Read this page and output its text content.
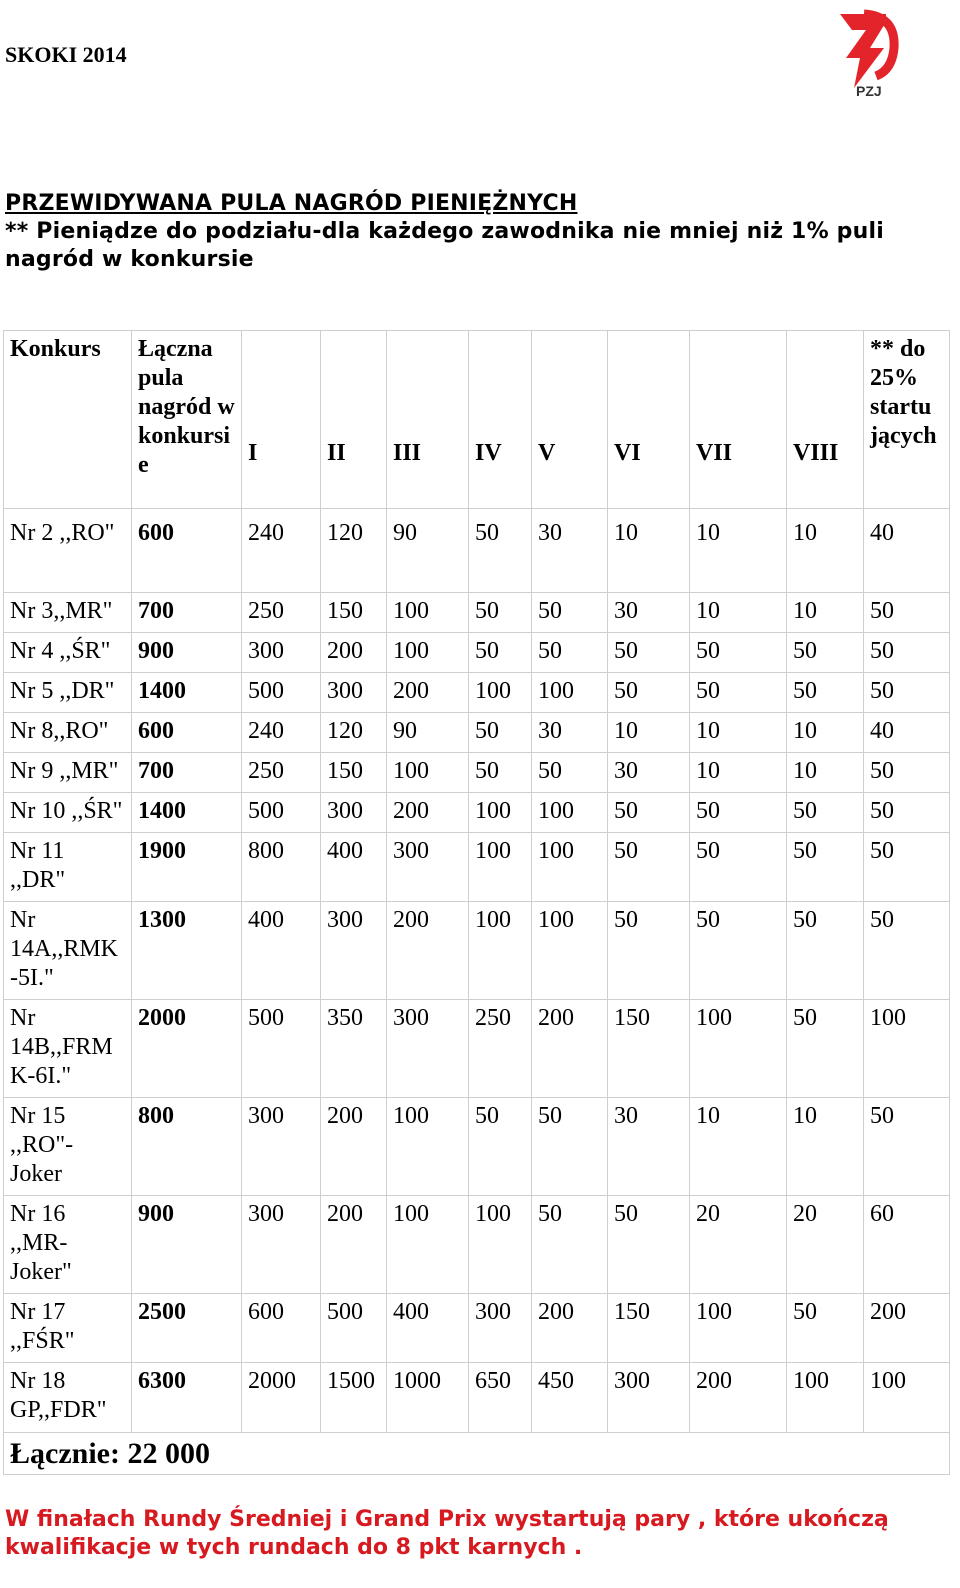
SKOKI 2014
PZJ
PRZEWIDYWANA PULA NAGRÓD PIENIĘŻNYCH
** Pieniądze do podziału-dla każdego zawodnika nie mniej niż 1% puli nagród w konkursie
Konkurs	Łączna pula nagród w konkursi e	I	II	III	IV	V	VI	VII	VIII	** do 25% startu jących
Nr 2 ,,RO"	600	240	120	90	50	30	10	10	10	40
Nr 3,,MR"	700	250	150	100	50	50	30	10	10	50
Nr 4 ,,ŚR"	900	300	200	100	50	50	50	50	50	50
Nr 5 ,,DR"	1400	500	300	200	100	100	50	50	50	50
Nr 8,,RO"	600	240	120	90	50	30	10	10	10	40
Nr 9 ,,MR"	700	250	150	100	50	50	30	10	10	50
Nr 10 ,,ŚR"	1400	500	300	200	100	100	50	50	50	50
Nr 11 ,,DR"	1900	800	400	300	100	100	50	50	50	50
Nr 14A,,RMK -5I."	1300	400	300	200	100	100	50	50	50	50
Nr 14B,,FRM K-6I."	2000	500	350	300	250	200	150	100	50	100
Nr 15 ,,RO"- Joker	800	300	200	100	50	50	30	10	10	50
Nr 16 ,,MR- Joker"	900	300	200	100	100	50	50	20	20	60
Nr 17 ,,FŚR"	2500	600	500	400	300	200	150	100	50	200
Nr 18 GP,,FDR"	6300	2000	1500	1000	650	450	300	200	100	100
Łącznie: 22 000										
W finałach Rundy Średniej i Grand Prix wystartują pary , które ukończą kwalifikacje w tych rundach do 8 pkt karnych .
